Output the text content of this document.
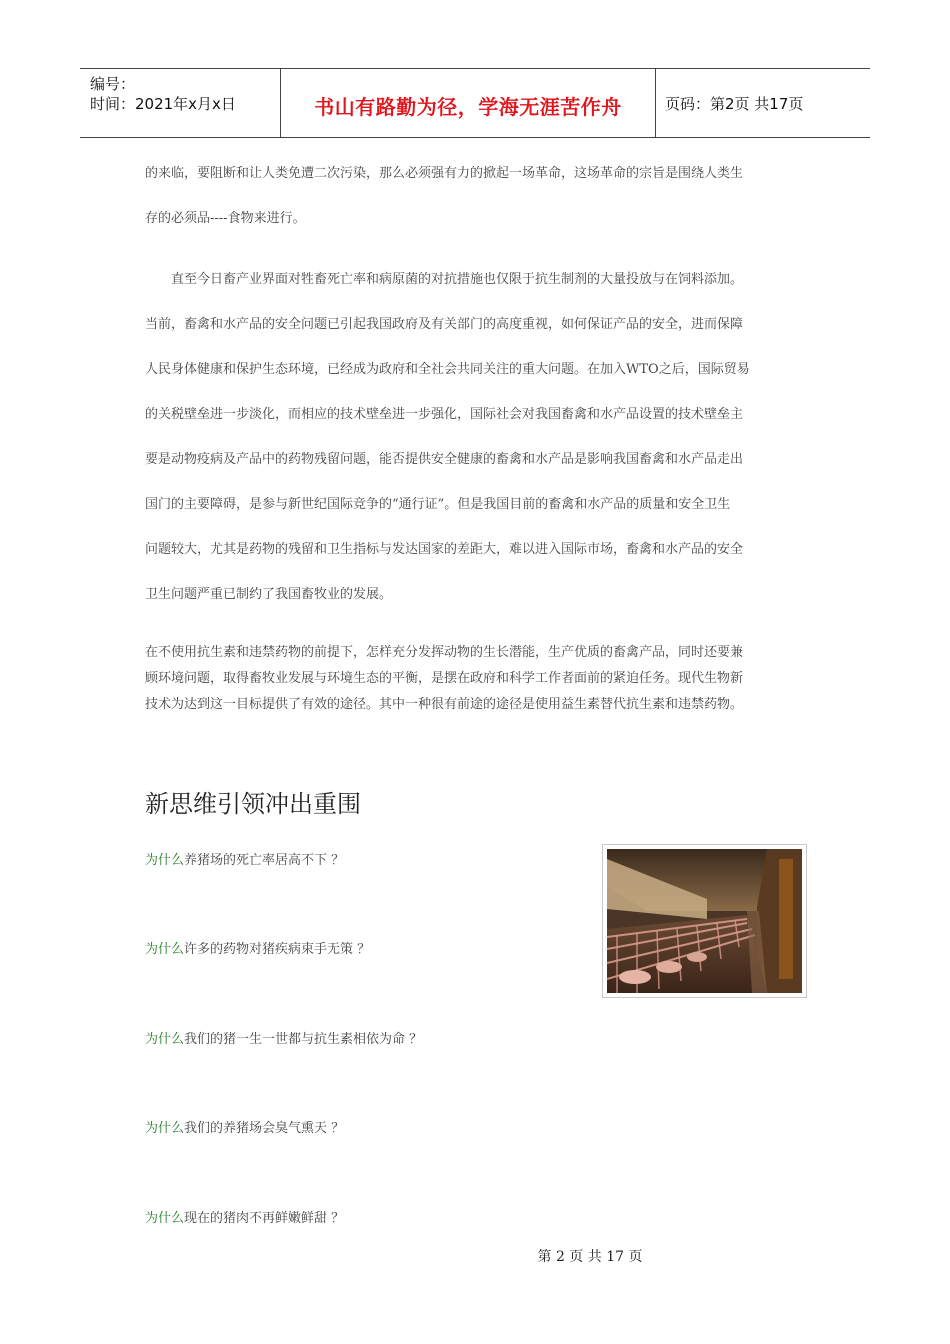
编号：
时间：2021年x月x日	书山有路勤为径，学海无涯苦作舟	页码：第2页 共17页
的来临，要阻断和让人类免遭二次污染，那么必须强有力的掀起一场革命，这场革命的宗旨是围绕人类生
存的必须品----食物来进行。
　　直至今日畜产业界面对牲畜死亡率和病原菌的对抗措施也仅限于抗生制剂的大量投放与在饲料添加。
当前，畜禽和水产品的安全问题已引起我国政府及有关部门的高度重视，如何保证产品的安全，进而保障
人民身体健康和保护生态环境，已经成为政府和全社会共同关注的重大问题。在加入WTO之后，国际贸易
的关税壁垒进一步淡化，而相应的技术壁垒进一步强化，国际社会对我国畜禽和水产品设置的技术壁垒主
要是动物疫病及产品中的药物残留问题，能否提供安全健康的畜禽和水产品是影响我国畜禽和水产品走出
国门的主要障碍，是参与新世纪国际竞争的“通行证”。但是我国目前的畜禽和水产品的质量和安全卫生
问题较大，尤其是药物的残留和卫生指标与发达国家的差距大，难以进入国际市场，畜禽和水产品的安全
卫生问题严重已制约了我国畜牧业的发展。
在不使用抗生素和违禁药物的前提下，怎样充分发挥动物的生长潜能，生产优质的畜禽产品，同时还要兼
顾环境问题，取得畜牧业发展与环境生态的平衡，是摆在政府和科学工作者面前的紧迫任务。现代生物新
技术为达到这一目标提供了有效的途径。其中一种很有前途的途径是使用益生素替代抗生素和违禁药物。
新思维引领冲出重围
为什么养猪场的死亡率居高不下 ？
为什么许多的药物对猪疾病束手无策 ？
为什么我们的猪一生一世都与抗生素相依为命 ？
为什么我们的养猪场会臭气熏天 ？
为什么现在的猪肉不再鲜嫩鲜甜 ？
第 2 页 共 17 页
